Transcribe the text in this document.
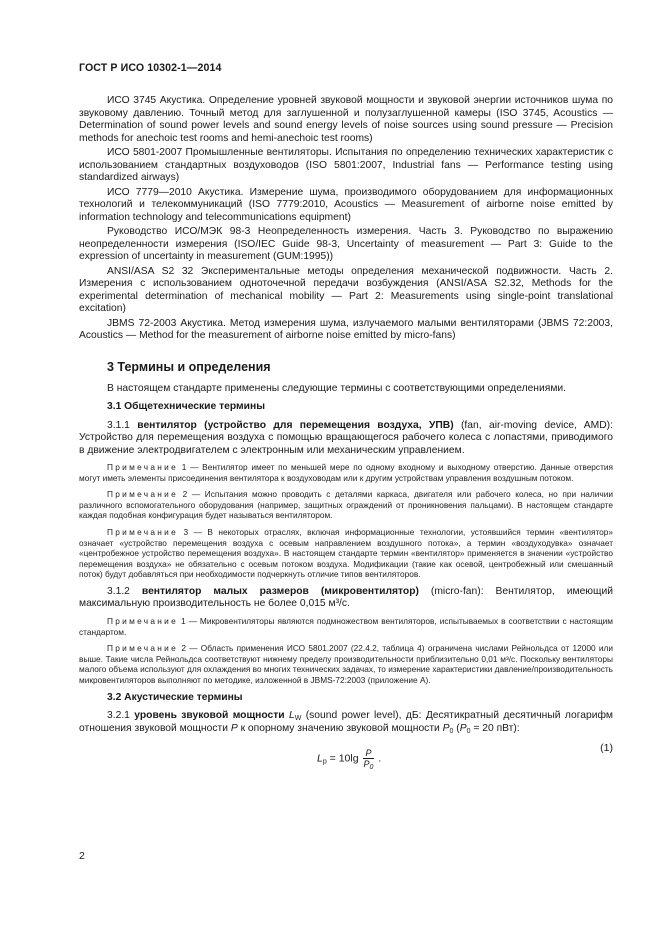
ГОСТ Р ИСО 10302-1—2014

ИСО 3745 Акустика. Определение уровней звуковой мощности и звуковой энергии источников шума по звуковому давлению. Точный метод для заглушенной и полузаглушенной камеры (ISO 3745, Acoustics — Determination of sound power levels and sound energy levels of noise sources using sound pressure — Precision methods for anechoic test rooms and hemi-anechoic test rooms)

ИСО 5801-2007 Промышленные вентиляторы. Испытания по определению технических характеристик с использованием стандартных воздуховодов (ISO 5801:2007, Industrial fans — Performance testing using standardized airways)

ИСО 7779—2010 Акустика. Измерение шума, производимого оборудованием для информационных технологий и телекоммуникаций (ISO 7779:2010, Acoustics — Measurement of airborne noise emitted by information technology and telecommunications equipment)

Руководство ИСО/МЭК 98-3 Неопределенность измерения. Часть 3. Руководство по выражению неопределенности измерения (ISO/IEC Guide 98-3, Uncertainty of measurement — Part 3: Guide to the expression of uncertainty in measurement (GUM:1995))

ANSI/ASA S2 32 Экспериментальные методы определения механической подвижности. Часть 2. Измерения с использованием одноточечной передачи возбуждения (ANSI/ASA S2.32, Methods for the experimental determination of mechanical mobility — Part 2: Measurements using single-point translational excitation)

JBMS 72-2003 Акустика. Метод измерения шума, излучаемого малыми вентиляторами (JBMS 72:2003, Acoustics — Method for the measurement of airborne noise emitted by micro-fans)

3 Термины и определения

В настоящем стандарте применены следующие термины с соответствующими определениями.

3.1 Общетехнические термины

3.1.1 вентилятор (устройство для перемещения воздуха, УПВ) (fan, air-moving device, AMD): Устройство для перемещения воздуха с помощью вращающегося рабочего колеса с лопастями, приводимого в движение электродвигателем с электронным или механическим управлением.

Примечание 1 — Вентилятор имеет по меньшей мере по одному входному и выходному отверстию. Данные отверстия могут иметь элементы присоединения вентилятора к воздуховодам или к другим устройствам управления воздушным потоком.

Примечание 2 — Испытания можно проводить с деталями каркаса, двигателя или рабочего колеса, но при наличии различного вспомогательного оборудования (например, защитных ограждений от проникновения пальцами). В настоящем стандарте каждая подобная конфигурация будет называться вентилятором.

Примечание 3 — В некоторых отраслях, включая информационные технологии, устоявшийся термин «вентилятор» означает «устройство перемещения воздуха с осевым направлением воздушного потока», а термин «воздуходувка» означает «центробежное устройство перемещения воздуха». В настоящем стандарте термин «вентилятор» применяется в значении «устройство перемещения воздуха» не обязательно с осевым потоком воздуха. Модификации (такие как осевой, центробежный или смешанный поток) будут добавляться при необходимости подчеркнуть отличие типов вентиляторов.

3.1.2 вентилятор малых размеров (микровентилятор) (micro-fan): Вентилятор, имеющий максимальную производительность не более 0,015 м³/с.

Примечание 1 — Микровентиляторы являются подмножеством вентиляторов, испытываемых в соответствии с настоящим стандартом.

Примечание 2 — Область применения ИСО 5801.2007 (22.4.2, таблица 4) ограничена числами Рейнольдса от 12000 или выше. Такие числа Рейнольдса соответствуют нижнему пределу производительности приблизительно 0,01 м³/с. Поскольку вентиляторы малого объема используют для охлаждения во многих технических задачах, то измерение характеристики давление/производительность микровентиляторов выполняют по методике, изложенной в JBMS-72:2003 (приложение А).

3.2 Акустические термины

3.2.1 уровень звуковой мощности $L_W$ (sound power level), дБ: Десятикратный десятичный логарифм отношения звуковой мощности P к опорному значению звуковой мощности $P_0$ ($P_0 = 20$ пВт):

$L_p = 10\lg \frac{P}{P_0}$ .
(1)
2
